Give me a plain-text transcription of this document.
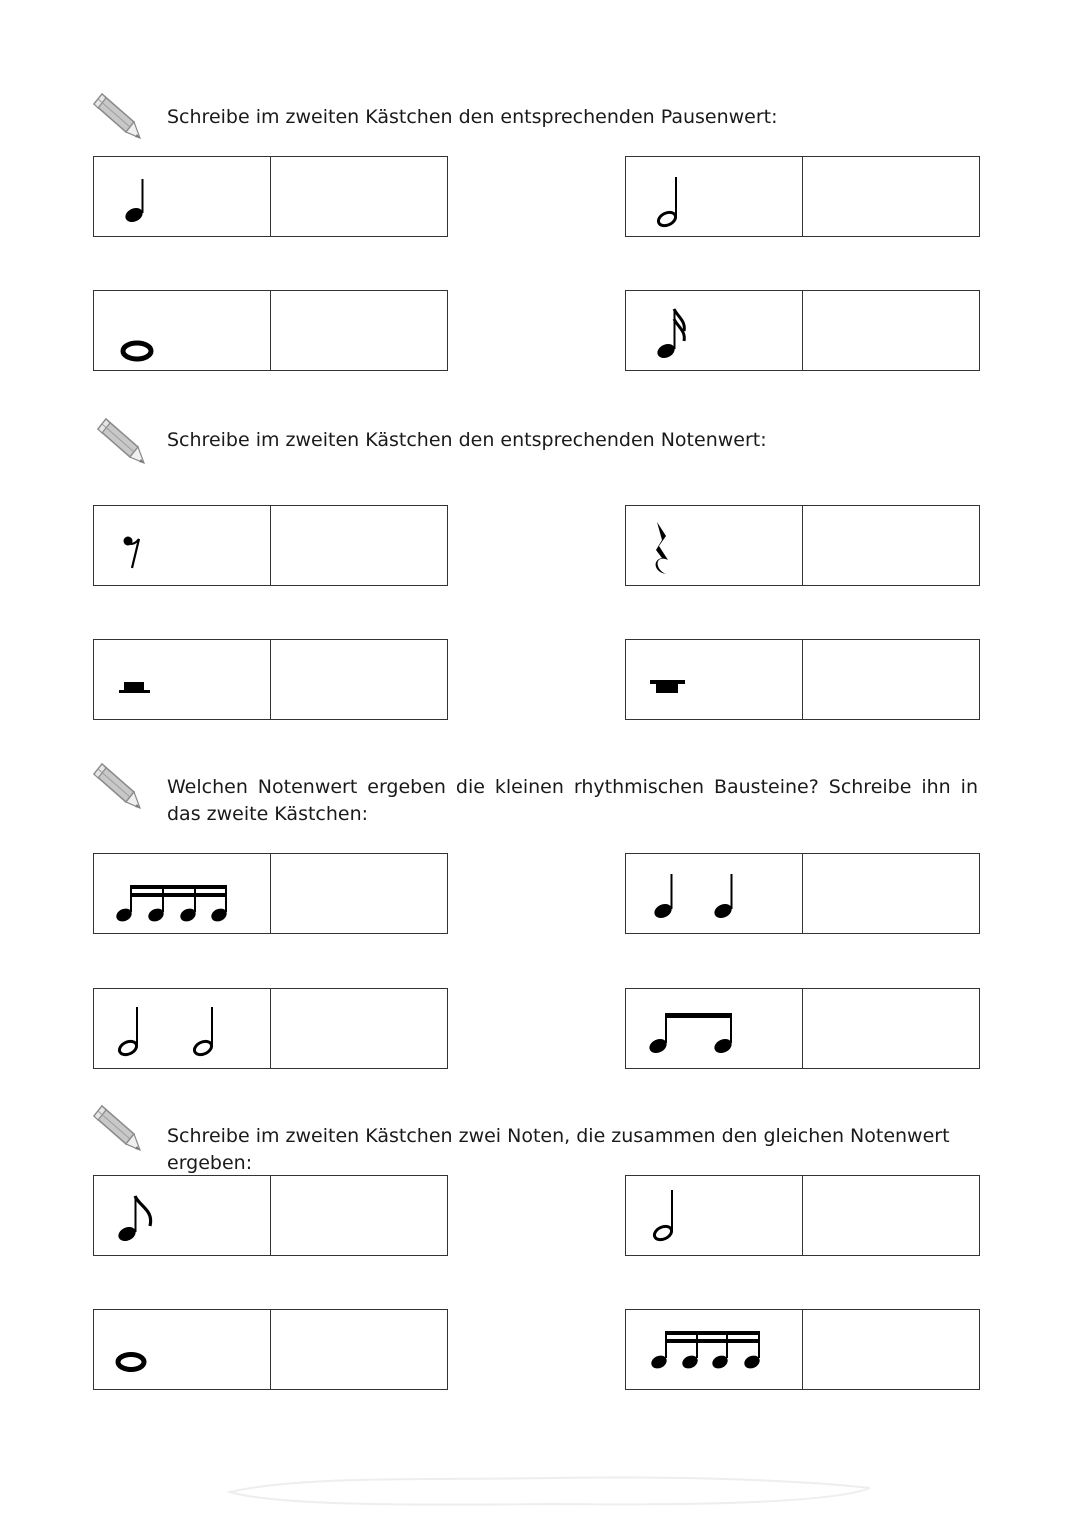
Schreibe im zweiten Kästchen den entsprechenden Pausenwert:
Schreibe im zweiten Kästchen den entsprechenden Notenwert:
Welchen Notenwert ergeben die kleinen rhythmischen Bausteine? Schreibe ihn in das zweite Kästchen:
Schreibe im zweiten Kästchen zwei Noten, die zusammen den gleichen Notenwert ergeben:
